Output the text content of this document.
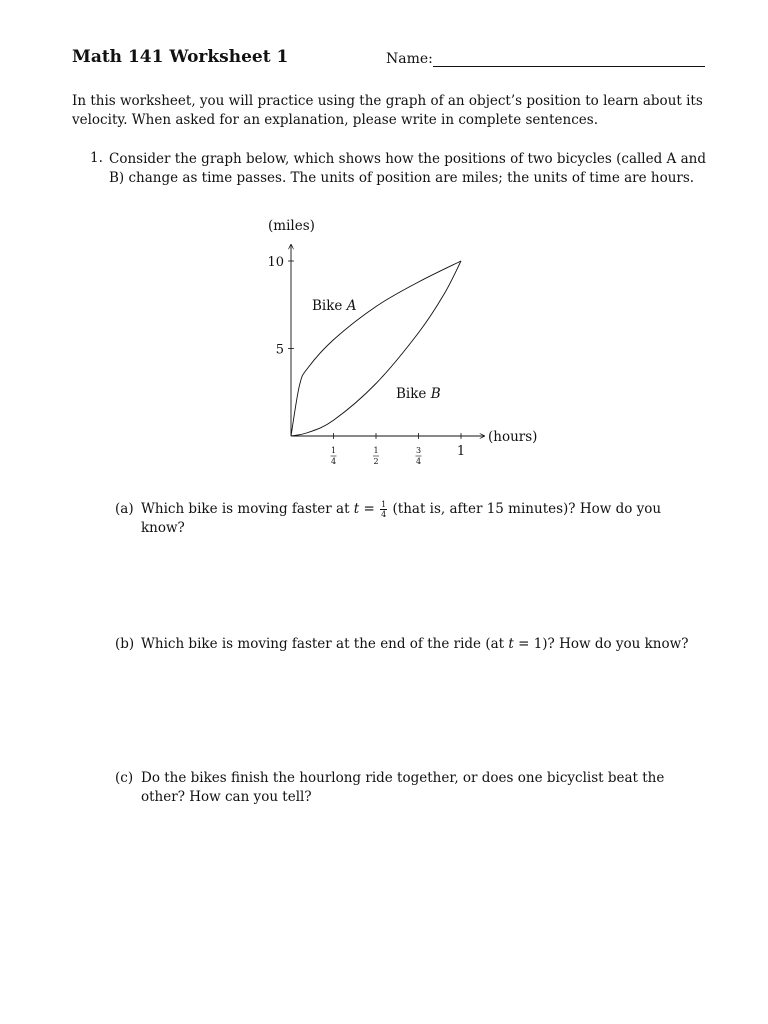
Math 141 Worksheet 1	Name:
In this worksheet, you will practice using the graph of an object’s position to learn about its velocity. When asked for an explanation, please write in complete sentences.
1. Consider the graph below, which shows how the positions of two bicycles (called A and B) change as time passes. The units of position are miles; the units of time are hours.
(miles)
(hours)
1
4
1
2
3
4
1
5
10
Bike A
Bike B
(a) Which bike is moving faster at $t = \frac{1}{4}$ (that is, after 15 minutes)? How do you know?
(b) Which bike is moving faster at the end of the ride (at t = 1)? How do you know?
(c) Do the bikes finish the hourlong ride together, or does one bicyclist beat the other? How can you tell?
